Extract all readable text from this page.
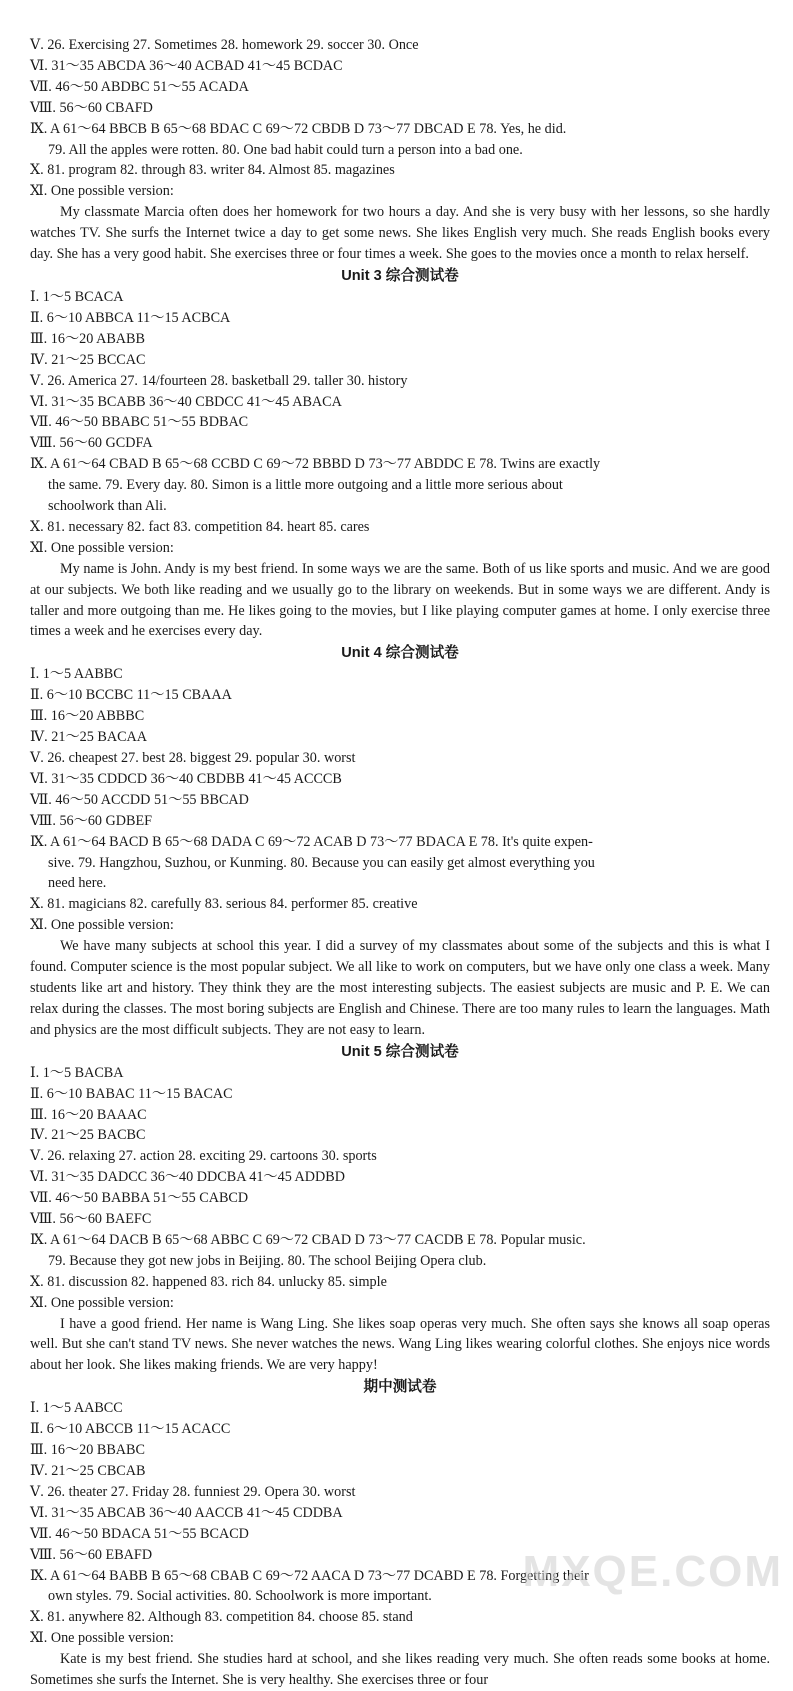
Ⅴ. 26. Exercising 27. Sometimes 28. homework 29. soccer 30. Once
Ⅵ. 31～35 ABCDA 36～40 ACBAD 41～45 BCDAC
Ⅶ. 46～50 ABDBC 51～55 ACADA
Ⅷ. 56～60 CBAFD
Ⅸ. A 61～64 BBCB B 65～68 BDAC C 69～72 CBDB D 73～77 DBCAD E 78. Yes, he did.
79. All the apples were rotten. 80. One bad habit could turn a person into a bad one.
Ⅹ. 81. program 82. through 83. writer 84. Almost 85. magazines
Ⅺ. One possible version:
My classmate Marcia often does her homework for two hours a day. And she is very busy with her lessons, so she hardly watches TV. She surfs the Internet twice a day to get some news. She likes English very much. She reads English books every day. She has a very good habit. She exercises three or four times a week. She goes to the movies once a month to relax herself.
Unit 3 综合测试卷
Ⅰ. 1～5 BCACA
Ⅱ. 6～10 ABBCA 11～15 ACBCA
Ⅲ. 16～20 ABABB
Ⅳ. 21～25 BCCAC
Ⅴ. 26. America 27. 14/fourteen 28. basketball 29. taller 30. history
Ⅵ. 31～35 BCABB 36～40 CBDCC 41～45 ABACA
Ⅶ. 46～50 BBABC 51～55 BDBAC
Ⅷ. 56～60 GCDFA
Ⅸ. A 61～64 CBAD B 65～68 CCBD C 69～72 BBBD D 73～77 ABDDC E 78. Twins are exactly
the same. 79. Every day. 80. Simon is a little more outgoing and a little more serious about
schoolwork than Ali.
Ⅹ. 81. necessary 82. fact 83. competition 84. heart 85. cares
Ⅺ. One possible version:
My name is John. Andy is my best friend. In some ways we are the same. Both of us like sports and music. And we are good at our subjects. We both like reading and we usually go to the library on weekends. But in some ways we are different. Andy is taller and more outgoing than me. He likes going to the movies, but I like playing computer games at home. I only exercise three times a week and he exercises every day.
Unit 4 综合测试卷
Ⅰ. 1～5 AABBC
Ⅱ. 6～10 BCCBC 11～15 CBAAA
Ⅲ. 16～20 ABBBC
Ⅳ. 21～25 BACAA
Ⅴ. 26. cheapest 27. best 28. biggest 29. popular 30. worst
Ⅵ. 31～35 CDDCD 36～40 CBDBB 41～45 ACCCB
Ⅶ. 46～50 ACCDD 51～55 BBCAD
Ⅷ. 56～60 GDBEF
Ⅸ. A 61～64 BACD B 65～68 DADA C 69～72 ACAB D 73～77 BDACA E 78. It's quite expen-
sive. 79. Hangzhou, Suzhou, or Kunming. 80. Because you can easily get almost everything you
need here.
Ⅹ. 81. magicians 82. carefully 83. serious 84. performer 85. creative
Ⅺ. One possible version:
We have many subjects at school this year. I did a survey of my classmates about some of the subjects and this is what I found. Computer science is the most popular subject. We all like to work on computers, but we have only one class a week. Many students like art and history. They think they are the most interesting subjects. The easiest subjects are music and P. E. We can relax during the classes. The most boring subjects are English and Chinese. There are too many rules to learn the languages. Math and physics are the most difficult subjects. They are not easy to learn.
Unit 5 综合测试卷
Ⅰ. 1～5 BACBA
Ⅱ. 6～10 BABAC 11～15 BACAC
Ⅲ. 16～20 BAAAC
Ⅳ. 21～25 BACBC
Ⅴ. 26. relaxing 27. action 28. exciting 29. cartoons 30. sports
Ⅵ. 31～35 DADCC 36～40 DDCBA 41～45 ADDBD
Ⅶ. 46～50 BABBA 51～55 CABCD
Ⅷ. 56～60 BAEFC
Ⅸ. A 61～64 DACB B 65～68 ABBC C 69～72 CBAD D 73～77 CACDB E 78. Popular music.
79. Because they got new jobs in Beijing. 80. The school Beijing Opera club.
Ⅹ. 81. discussion 82. happened 83. rich 84. unlucky 85. simple
Ⅺ. One possible version:
I have a good friend. Her name is Wang Ling. She likes soap operas very much. She often says she knows all soap operas well. But she can't stand TV news. She never watches the news. Wang Ling likes wearing colorful clothes. She enjoys nice words about her look. She likes making friends. We are very happy!
期中测试卷
Ⅰ. 1～5 AABCC
Ⅱ. 6～10 ABCCB 11～15 ACACC
Ⅲ. 16～20 BBABC
Ⅳ. 21～25 CBCAB
Ⅴ. 26. theater 27. Friday 28. funniest 29. Opera 30. worst
Ⅵ. 31～35 ABCAB 36～40 AACCB 41～45 CDDBA
Ⅶ. 46～50 BDACA 51～55 BCACD
Ⅷ. 56～60 EBAFD
Ⅸ. A 61～64 BABB B 65～68 CBAB C 69～72 AACA D 73～77 DCABD E 78. Forgetting their
own styles. 79. Social activities. 80. Schoolwork is more important.
Ⅹ. 81. anywhere 82. Although 83. competition 84. choose 85. stand
Ⅺ. One possible version:
Kate is my best friend. She studies hard at school, and she likes reading very much. She often reads some books at home. Sometimes she surfs the Internet. She is very healthy. She exercises three or four
MXQE.COM
